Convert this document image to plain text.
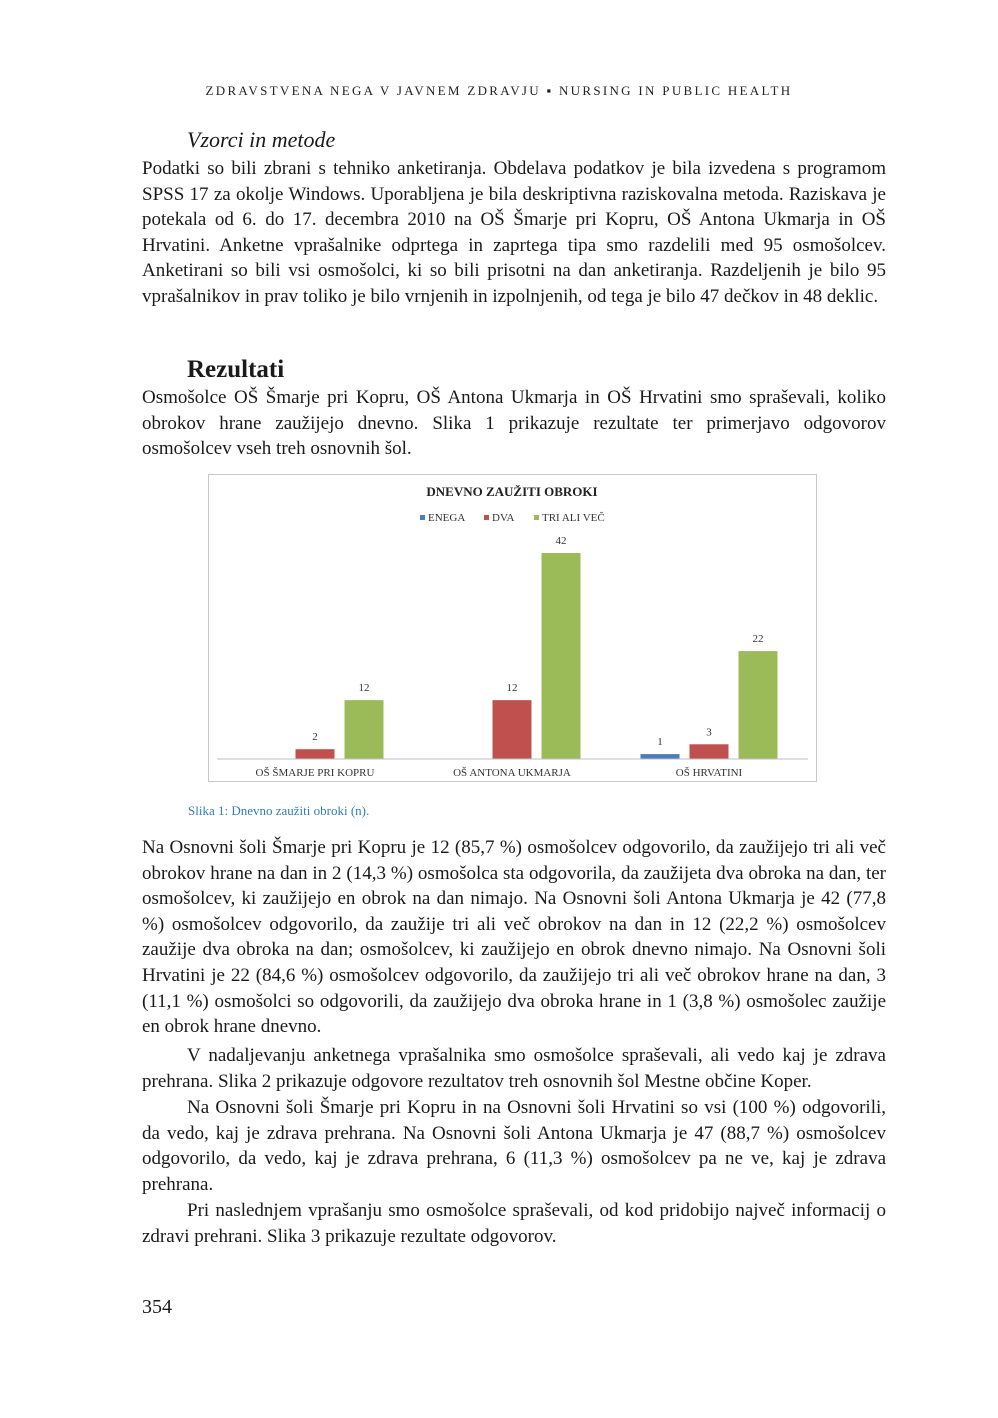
ZDRAVSTVENA NEGA V JAVNEM ZDRAVJU ▪ NURSING IN PUBLIC HEALTH
Vzorci in metode

Podatki so bili zbrani s tehniko anketiranja. Obdelava podatkov je bila izvedena s programom SPSS 17 za okolje Windows. Uporabljena je bila deskriptivna raziskovalna metoda. Raziskava je potekala od 6. do 17. decembra 2010 na OŠ Šmarje pri Kopru, OŠ Antona Ukmarja in OŠ Hrvatini. Anketne vprašalnike odprtega in zaprtega tipa smo razdelili med 95 osmošolcev. Anketirani so bili vsi osmošolci, ki so bili prisotni na dan anketiranja. Razdeljenih je bilo 95 vprašalnikov in prav toliko je bilo vrnjenih in izpolnjenih, od tega je bilo 47 dečkov in 48 deklic.

Rezultati

Osmošolce OŠ Šmarje pri Kopru, OŠ Antona Ukmarja in OŠ Hrvatini smo spraševali, koliko obrokov hrane zaužijejo dnevno. Slika 1 prikazuje rezultate ter primerjavo odgovorov osmošolcev vseh treh osnovnih šol.

DNEVNO ZAUŽITI OBROKI
ENEGA DVA	TRI ALI VEČ
1
2
12
3
12
42
22
OŠ ŠMARJE PRI KOPRU	OŠ ANTONA UKMARJA	OŠ HRVATINI
Slika 1: Dnevno zaužiti obroki (n).

Na Osnovni šoli Šmarje pri Kopru je 12 (85,7 %) osmošolcev odgovorilo, da zaužijejo tri ali več obrokov hrane na dan in 2 (14,3 %) osmošolca sta odgovorila, da zaužijeta dva obroka na dan, ter osmošolcev, ki zaužijejo en obrok na dan nimajo. Na Osnovni šoli Antona Ukmarja je 42 (77,8 %) osmošolcev odgovorilo, da zaužije tri ali več obrokov na dan in 12 (22,2 %) osmošolcev zaužije dva obroka na dan; osmošolcev, ki zaužijejo en obrok dnevno nimajo. Na Osnovni šoli Hrvatini je 22 (84,6 %) osmošolcev odgovorilo, da zaužijejo tri ali več obrokov hrane na dan, 3 (11,1 %) osmošolci so odgovorili, da zaužijejo dva obroka hrane in 1 (3,8 %) osmošolec zaužije en obrok hrane dnevno.

V nadaljevanju anketnega vprašalnika smo osmošolce spraševali, ali vedo kaj je zdrava prehrana. Slika 2 prikazuje odgovore rezultatov treh osnovnih šol Mestne občine Koper.

Na Osnovni šoli Šmarje pri Kopru in na Osnovni šoli Hrvatini so vsi (100 %) odgovorili, da vedo, kaj je zdrava prehrana. Na Osnovni šoli Antona Ukmarja je 47 (88,7 %) osmošolcev odgovorilo, da vedo, kaj je zdrava prehrana, 6 (11,3 %) osmošolcev pa ne ve, kaj je zdrava prehrana.

Pri naslednjem vprašanju smo osmošolce spraševali, od kod pridobijo največ informacij o zdravi prehrani. Slika 3 prikazuje rezultate odgovorov.

354
